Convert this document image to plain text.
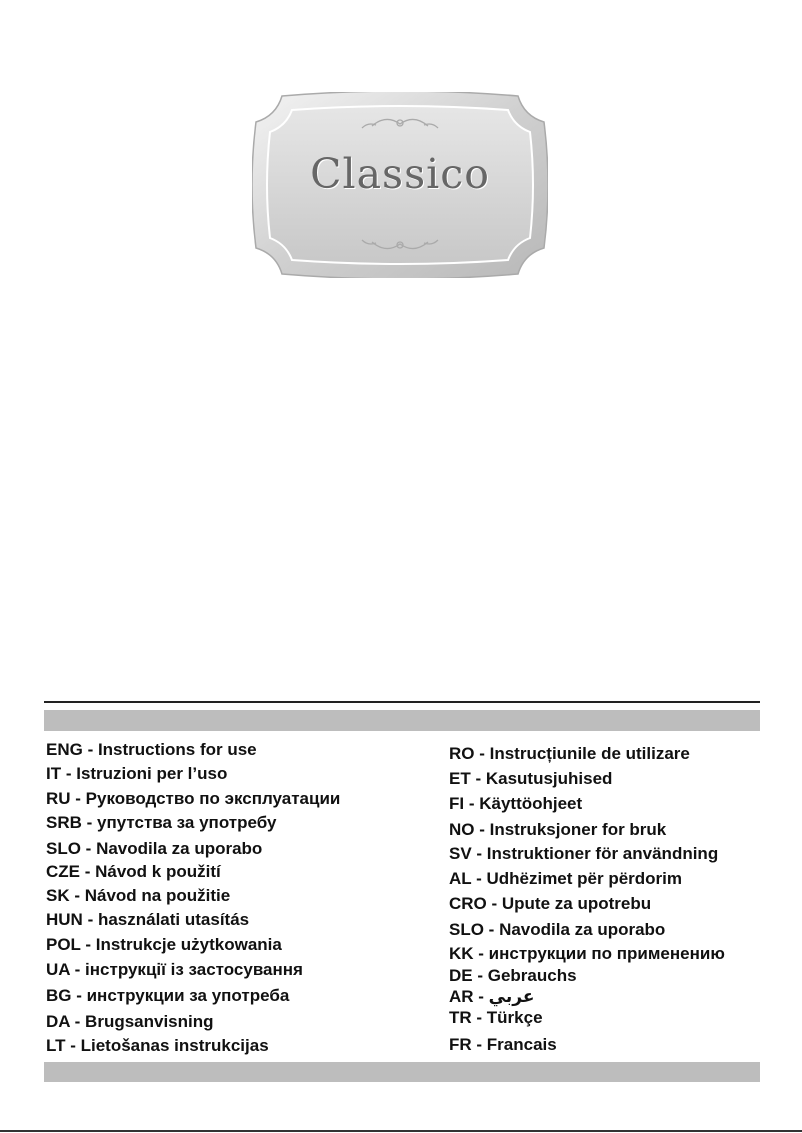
Classico
ENG - Instructions for use
IT - Istruzioni per l’uso
RU - Руководство по эксплуатации
SRB - упутства за употребу
SLO - Navodila za uporabo
CZE - Návod k použití
SK - Návod na použitie
HUN - használati utasítás
POL - Instrukcje użytkowania
UA - інструкції із застосування
BG - инструкции за употреба
DA - Brugsanvisning
LT - Lietošanas instrukcijas
RO - Instrucțiunile de utilizare
ET - Kasutusjuhised
FI - Käyttöohjeet
NO - Instruksjoner for bruk
SV - Instruktioner för användning
AL - Udhëzimet për përdorim
CRO - Upute za upotrebu
SLO - Navodila za uporabo
KK - инструкции по применению
DE - Gebrauchs
AR - عربي
TR - Türkçe
FR - Francais
